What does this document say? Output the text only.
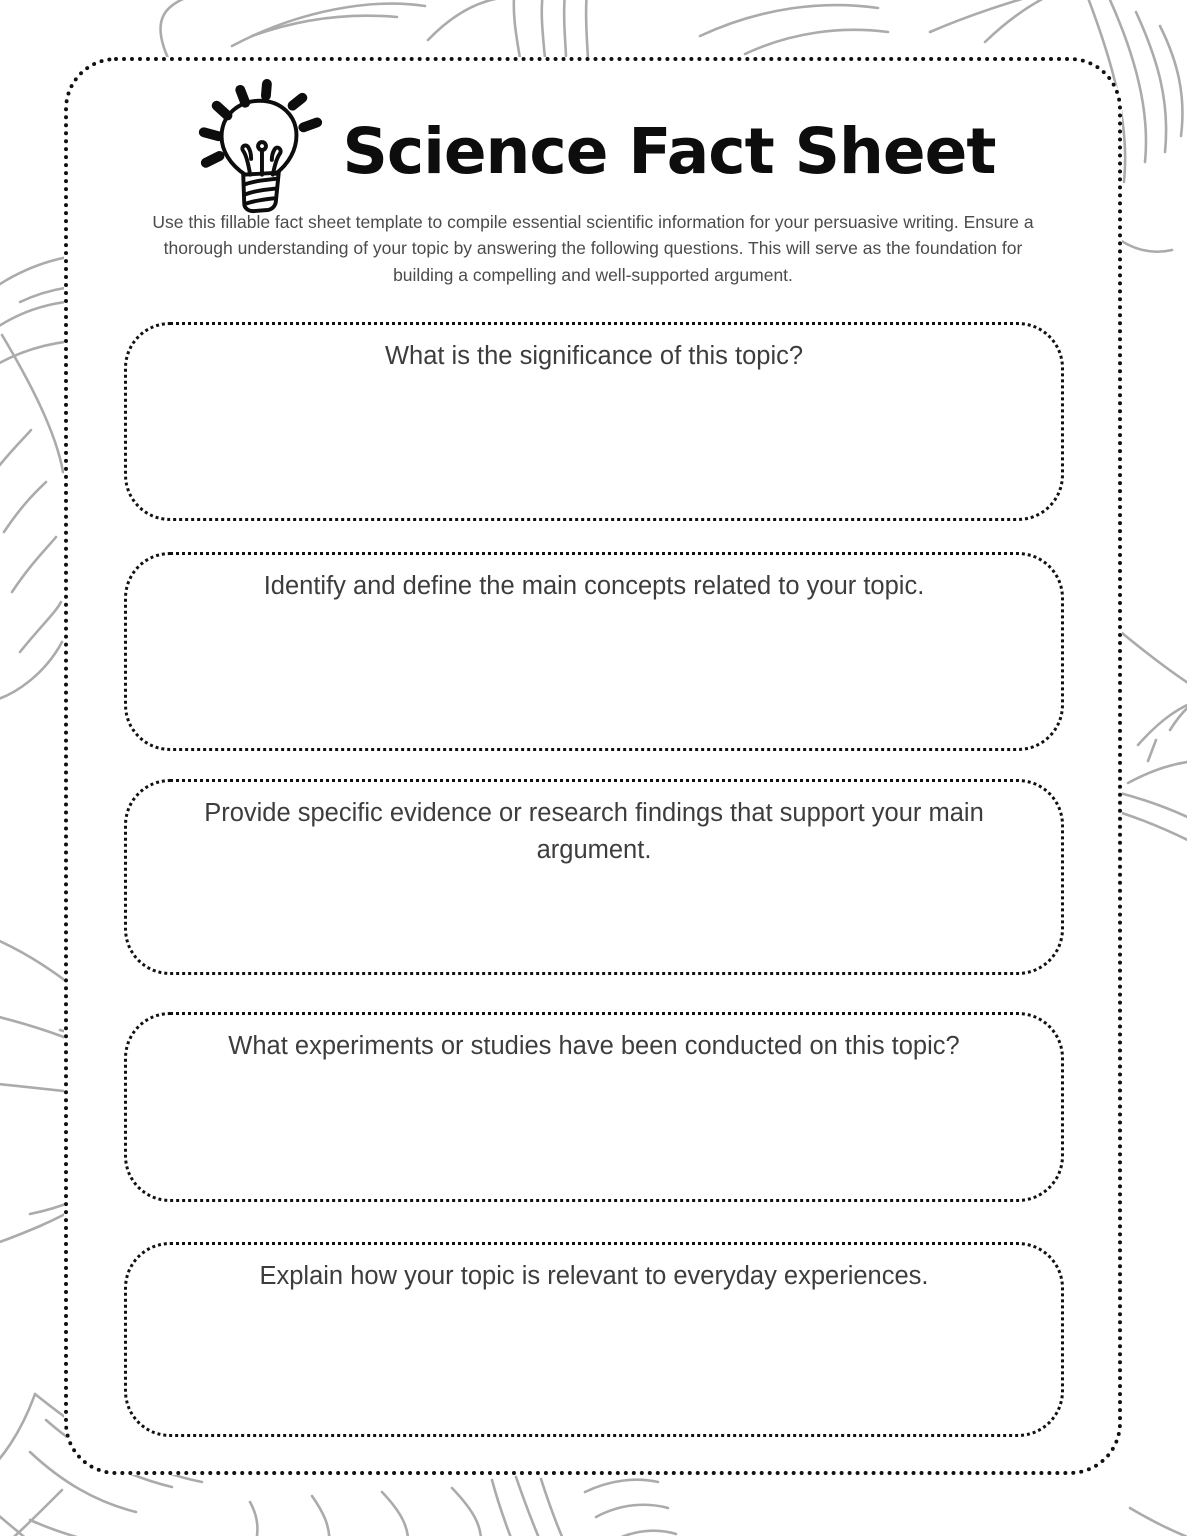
Science Fact Sheet
Use this fillable fact sheet template to compile essential scientific information for your persuasive writing. Ensure a thorough understanding of your topic by answering the following questions. This will serve as the foundation for building a compelling and well-supported argument.
What is the significance of this topic?
Identify and define the main concepts related to your topic.
Provide specific evidence or research findings that support your main argument.
What experiments or studies have been conducted on this topic?
Explain how your topic is relevant to everyday experiences.
